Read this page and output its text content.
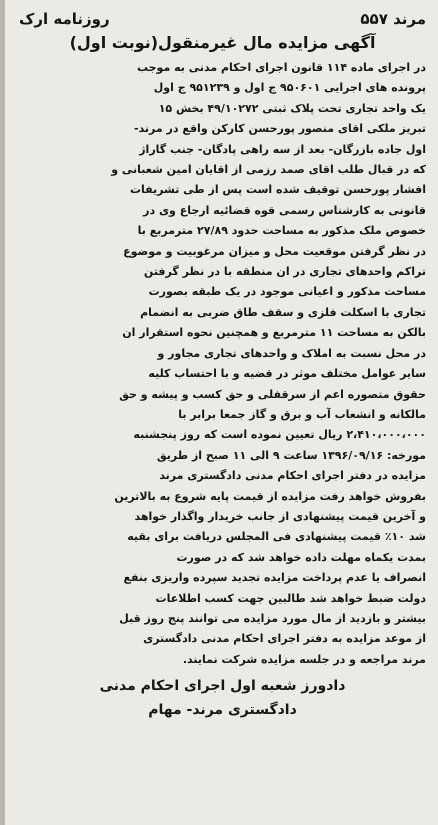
مرند ۵۵۷
روزنامه ارک
آگهی مزایده مال غیرمنقول(نوبت اول)
در اجرای ماده ۱۱۴ قانون اجرای احکام مدنی به موجب
پرونده های اجرایی ۹۵۰۶۰۱ ج اول و ۹۵۱۲۳۹ ج اول
یک واحد تجاری تحت پلاک ثبتی ۴۹/۱۰۲۷۲ بخش ۱۵
تبریز ملکی اقای منصور پورحسن کارکن واقع در مرند-
اول جاده بازرگان- بعد از سه راهی پادگان- جنب گاراژ
که در قبال طلب اقای صمد رزمی از اقایان امین شعبانی و
افشار پورحسن توقیف شده است پس از طی تشریفات
قانونی به کارشناس رسمی قوه قضائیه ارجاع وی در
خصوص ملک مذکور به مساحت حدود ۲۷/۸۹ مترمربع با
در نظر گرفتن موقعیت محل و میزان مرغوبیت و موضوع
تراکم واحدهای تجاری در ان منطقه با در نظر گرفتن
مساحت مذکور و اعیانی موجود در یک طبقه بصورت
تجاری با اسکلت فلزی و سقف طاق ضربی به انضمام
بالکن به مساحت ۱۱ مترمربع و همچنین نحوه استقرار ان
در محل نسبت به املاک و واحدهای تجاری مجاور و
سایر عوامل مختلف موثر در قضیه و با احتساب کلیه
حقوق متصوره اعم از سرقفلی و حق کسب و پیشه و حق
مالکانه و انشعاب آب و برق و گاز جمعا برابر با
۲،۴۱۰،۰۰۰،۰۰۰ ریال تعیین نموده است که روز پنجشنبه
مورخه: ۱۳۹۶/۰۹/۱۶ ساعت ۹ الی ۱۱ صبح از طریق
مزایده در دفتر اجرای احکام مدنی دادگستری مرند
بفروش خواهد رفت مزایده از قیمت پایه شروع به بالاترین
و آخرین قیمت پیشنهادی از جانب خریدار واگذار خواهد
شد ۱۰٪ قیمت پیشنهادی فی المجلس دریافت برای بقیه
بمدت یکماه مهلت داده خواهد شد که در صورت
انصراف یا عدم پرداخت مزایده تجدید سپرده واریزی بنفع
دولت ضبط خواهد شد طالبین جهت کسب اطلاعات
بیشتر و بازدید از مال مورد مزایده می توانند پنج روز قبل
از موعد مزایده به دفتر اجرای احکام مدنی دادگستری
مرند مراجعه و در جلسه مزایده شرکت نمایند.
دادورز شعبه اول اجرای احکام مدنی
دادگستری مرند- مهام
